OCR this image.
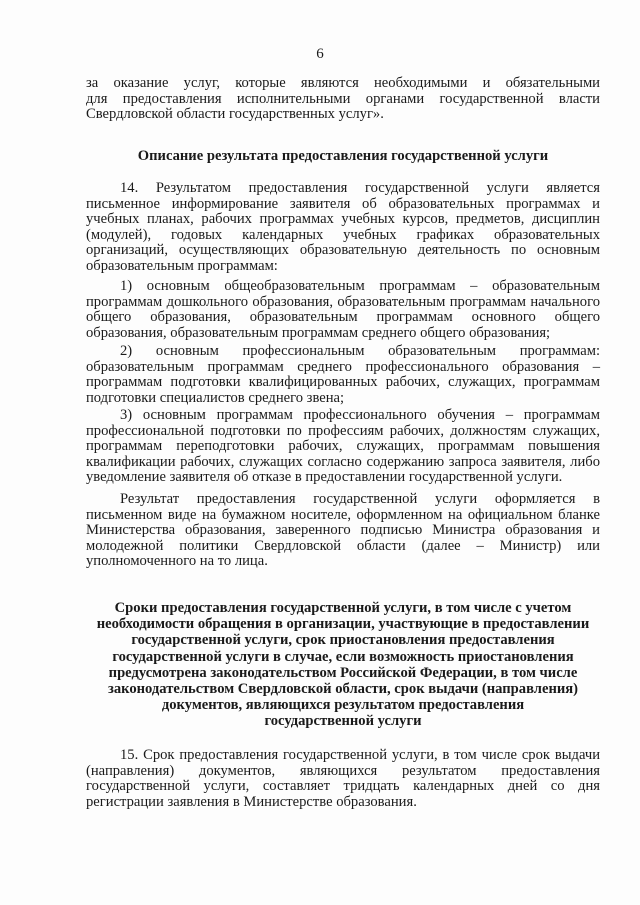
6
за оказание услуг, которые являются необходимыми и обязательными
для предоставления исполнительными органами государственной власти
Свердловской области государственных услуг».
Описание результата предоставления государственной услуги
14. Результатом предоставления государственной услуги является
письменное информирование заявителя об образовательных программах и
учебных планах, рабочих программах учебных курсов, предметов, дисциплин
(модулей), годовых календарных учебных графиках образовательных
организаций, осуществляющих образовательную деятельность по основным
образовательным программам:
1) основным общеобразовательным программам – образовательным
программам дошкольного образования, образовательным программам начального
общего образования, образовательным программам основного общего
образования, образовательным программам среднего общего образования;
2) основным профессиональным образовательным программам:
образовательным программам среднего профессионального образования –
программам подготовки квалифицированных рабочих, служащих, программам
подготовки специалистов среднего звена;
3) основным программам профессионального обучения – программам
профессиональной подготовки по профессиям рабочих, должностям служащих,
программам переподготовки рабочих, служащих, программам повышения
квалификации рабочих, служащих согласно содержанию запроса заявителя, либо
уведомление заявителя об отказе в предоставлении государственной услуги.
Результат предоставления государственной услуги оформляется в
письменном виде на бумажном носителе, оформленном на официальном бланке
Министерства образования, заверенного подписью Министра образования и
молодежной политики Свердловской области (далее – Министр) или
уполномоченного на то лица.
Сроки предоставления государственной услуги, в том числе с учетом
необходимости обращения в организации, участвующие в предоставлении
государственной услуги, срок приостановления предоставления
государственной услуги в случае, если возможность приостановления
предусмотрена законодательством Российской Федерации, в том числе
законодательством Свердловской области, срок выдачи (направления)
документов, являющихся результатом предоставления
государственной услуги
15. Срок предоставления государственной услуги, в том числе срок выдачи
(направления) документов, являющихся результатом предоставления
государственной услуги, составляет тридцать календарных дней со дня
регистрации заявления в Министерстве образования.
